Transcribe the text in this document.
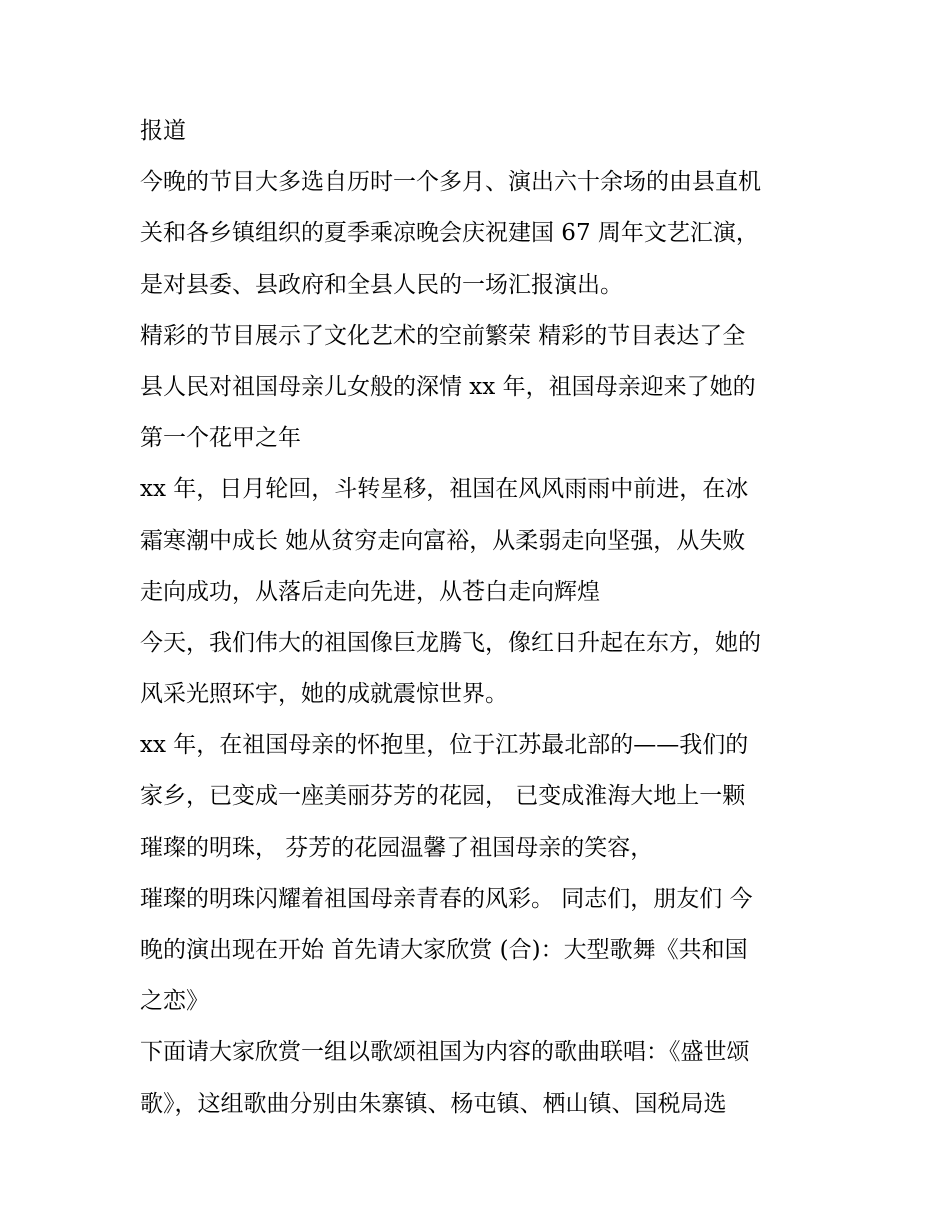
报道
今晚的节目大多选自历时一个多月、演出六十余场的由县直机
关和各乡镇组织的夏季乘凉晚会庆祝建国 67 周年文艺汇演，
是对县委、县政府和全县人民的一场汇报演出。
精彩的节目展示了文化艺术的空前繁荣 精彩的节目表达了全
县人民对祖国母亲儿女般的深情 xx 年，祖国母亲迎来了她的
第一个花甲之年
xx 年，日月轮回，斗转星移，祖国在风风雨雨中前进，在冰
霜寒潮中成长 她从贫穷走向富裕，从柔弱走向坚强，从失败
走向成功，从落后走向先进，从苍白走向辉煌
今天，我们伟大的祖国像巨龙腾飞，像红日升起在东方，她的
风采光照环宇，她的成就震惊世界。
xx 年，在祖国母亲的怀抱里，位于江苏最北部的——我们的
家乡，已变成一座美丽芬芳的花园， 已变成淮海大地上一颗
璀璨的明珠， 芬芳的花园温馨了祖国母亲的笑容，
璀璨的明珠闪耀着祖国母亲青春的风彩。 同志们，朋友们 今
晚的演出现在开始 首先请大家欣赏 (合)：大型歌舞《共和国
之恋》
下面请大家欣赏一组以歌颂祖国为内容的歌曲联唱：《盛世颂
歌》，这组歌曲分别由朱寨镇、杨屯镇、栖山镇、国税局选
